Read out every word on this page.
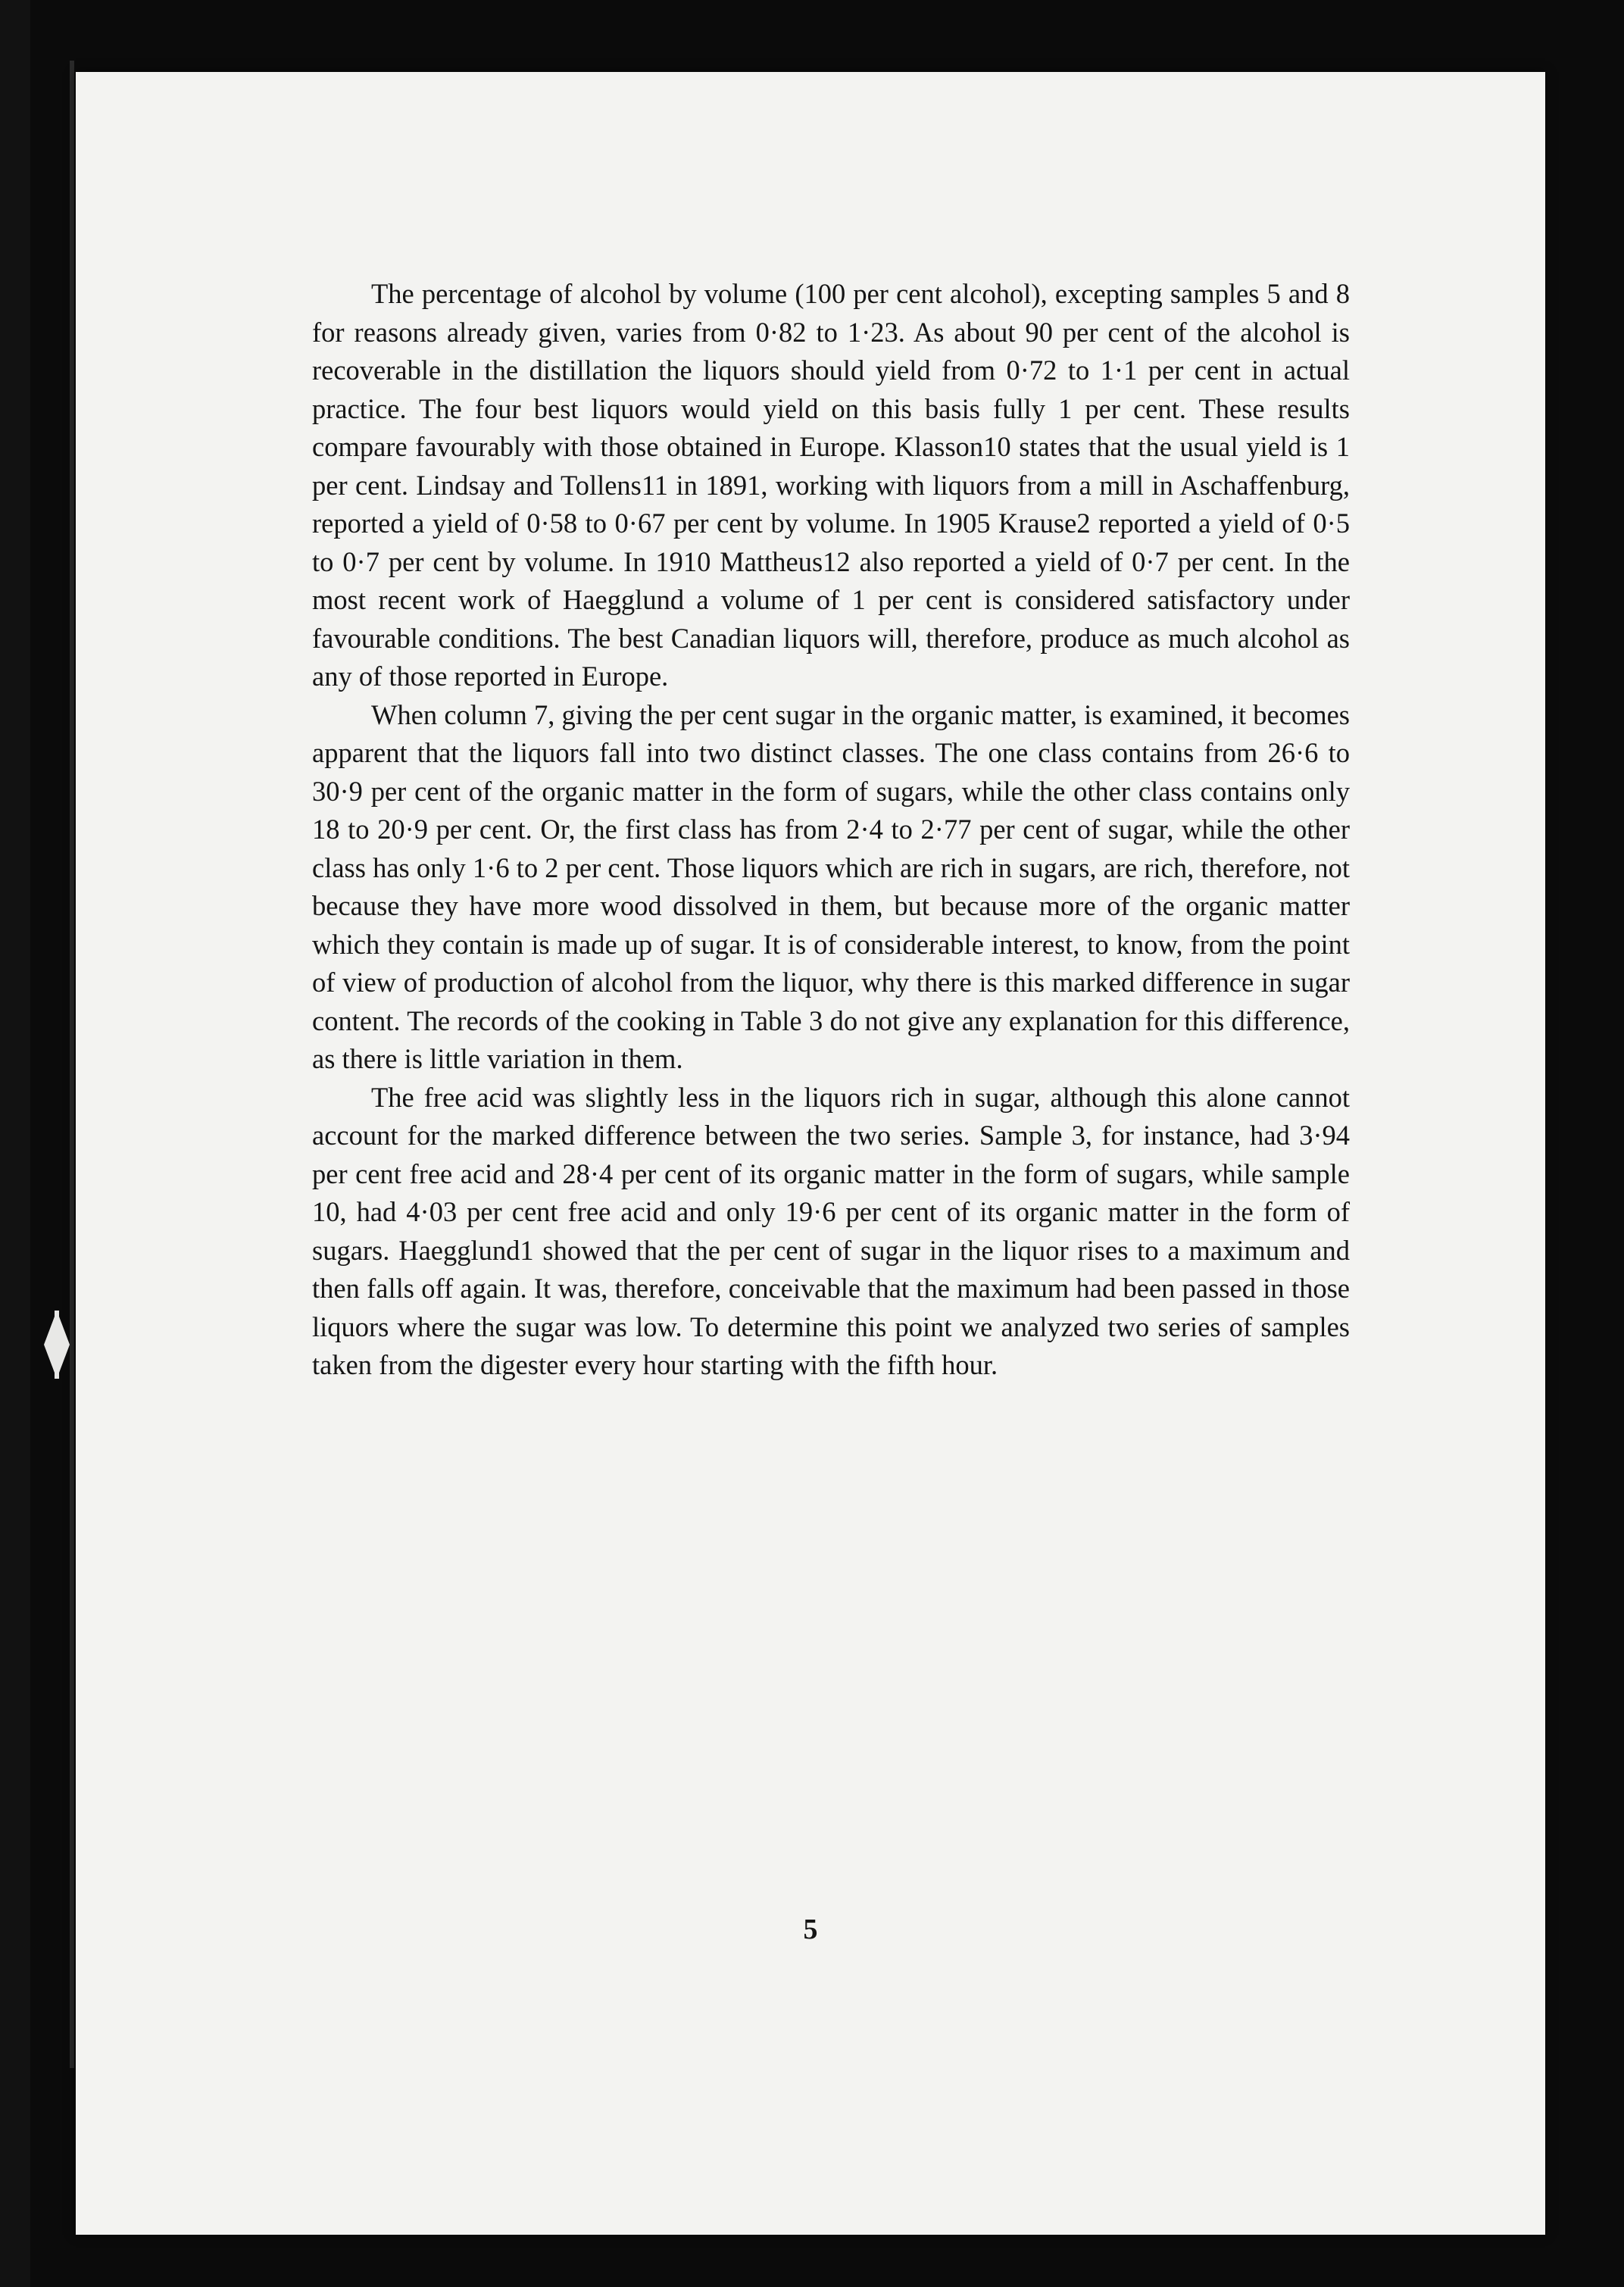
The percentage of alcohol by volume (100 per cent alcohol), excepting samples 5 and 8 for reasons already given, varies from 0·82 to 1·23. As about 90 per cent of the alcohol is recoverable in the distillation the liquors should yield from 0·72 to 1·1 per cent in actual practice. The four best liquors would yield on this basis fully 1 per cent. These results compare favourably with those obtained in Europe. Klasson10 states that the usual yield is 1 per cent. Lindsay and Tollens11 in 1891, working with liquors from a mill in Aschaffenburg, reported a yield of 0·58 to 0·67 per cent by volume. In 1905 Krause2 reported a yield of 0·5 to 0·7 per cent by volume. In 1910 Mattheus12 also reported a yield of 0·7 per cent. In the most recent work of Haegglund a volume of 1 per cent is considered satisfactory under favourable conditions. The best Canadian liquors will, therefore, produce as much alcohol as any of those reported in Europe.

When column 7, giving the per cent sugar in the organic matter, is examined, it becomes apparent that the liquors fall into two distinct classes. The one class contains from 26·6 to 30·9 per cent of the organic matter in the form of sugars, while the other class contains only 18 to 20·9 per cent. Or, the first class has from 2·4 to 2·77 per cent of sugar, while the other class has only 1·6 to 2 per cent. Those liquors which are rich in sugars, are rich, therefore, not because they have more wood dissolved in them, but because more of the organic matter which they contain is made up of sugar. It is of considerable interest, to know, from the point of view of production of alcohol from the liquor, why there is this marked difference in sugar content. The records of the cooking in Table 3 do not give any explanation for this difference, as there is little variation in them.

The free acid was slightly less in the liquors rich in sugar, although this alone cannot account for the marked difference between the two series. Sample 3, for instance, had 3·94 per cent free acid and 28·4 per cent of its organic matter in the form of sugars, while sample 10, had 4·03 per cent free acid and only 19·6 per cent of its organic matter in the form of sugars. Haegglund1 showed that the per cent of sugar in the liquor rises to a maximum and then falls off again. It was, therefore, conceivable that the maximum had been passed in those liquors where the sugar was low. To determine this point we analyzed two series of samples taken from the digester every hour starting with the fifth hour.

5
